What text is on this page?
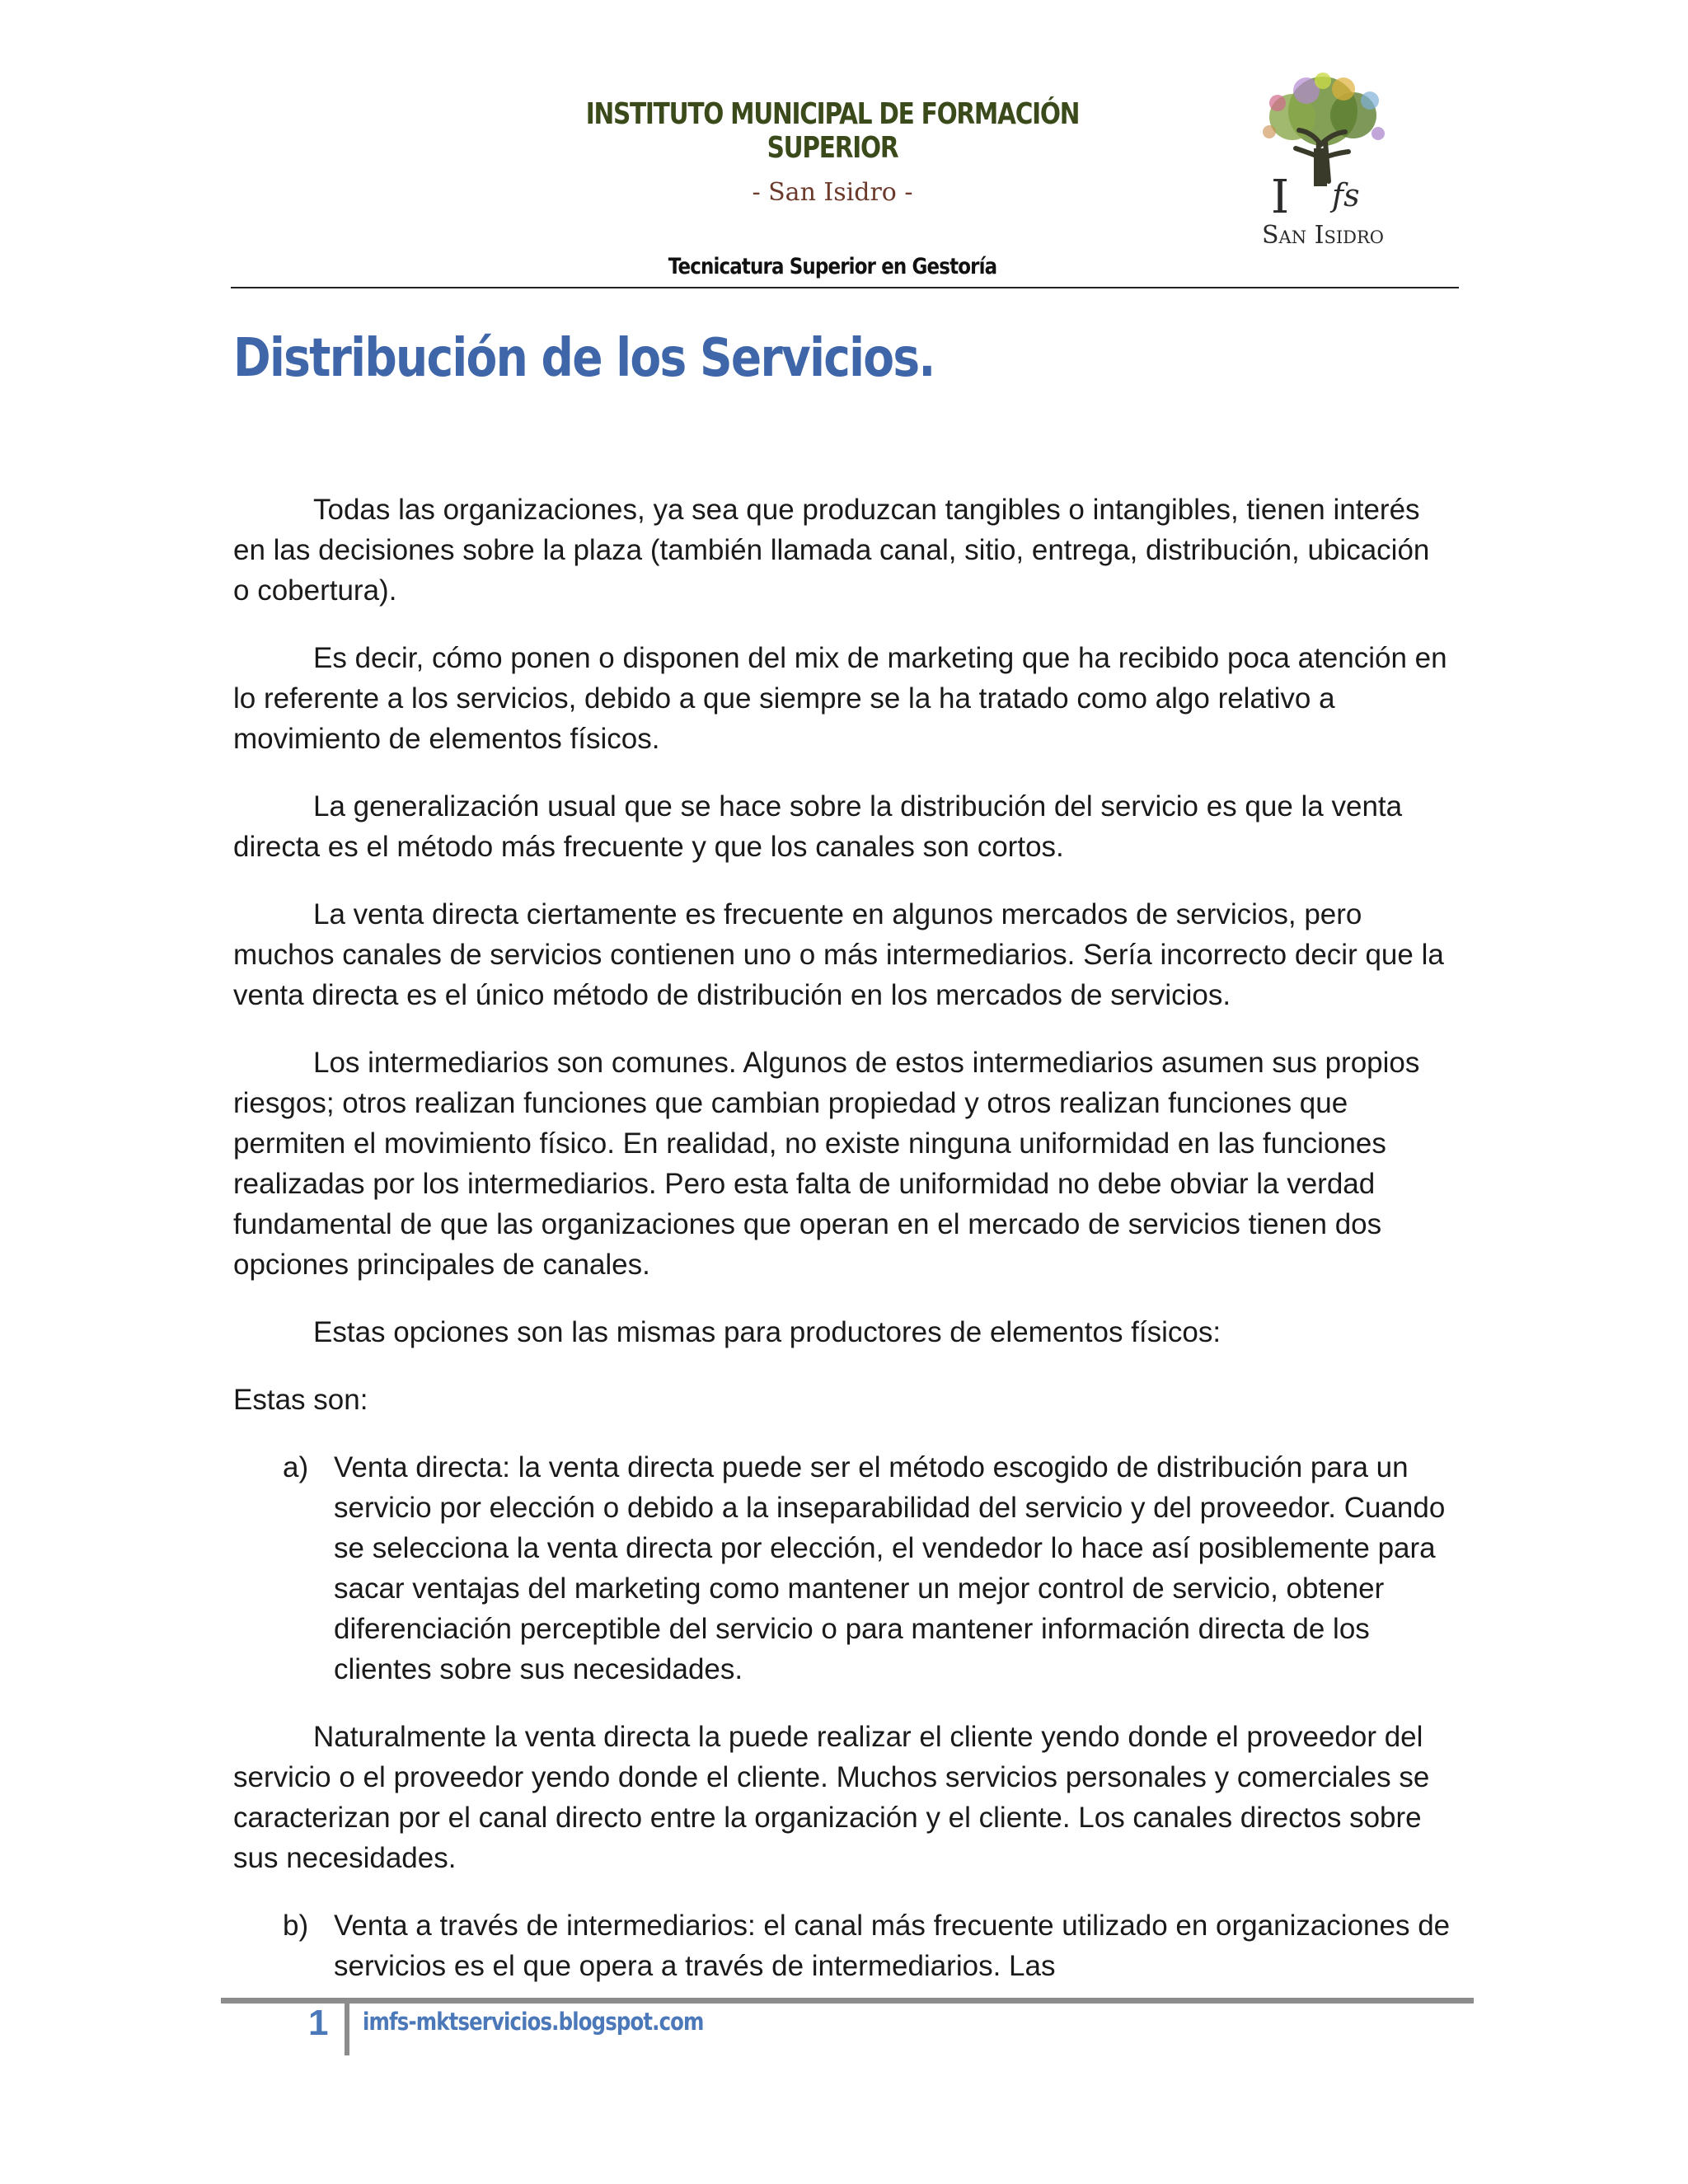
INSTITUTO MUNICIPAL DE FORMACIÓN SUPERIOR
- San Isidro -
Tecnicatura Superior en Gestoría
I fs
San Isidro
Distribución de los Servicios.

Todas las organizaciones, ya sea que produzcan tangibles o intangibles, tienen interés en las decisiones sobre la plaza (también llamada canal, sitio, entrega, distribución, ubicación o cobertura).

Es decir, cómo ponen o disponen del mix de marketing que ha recibido poca atención en lo referente a los servicios, debido a que siempre se la ha tratado como algo relativo a movimiento de elementos físicos.

La generalización usual que se hace sobre la distribución del servicio es que la venta directa es el método más frecuente y que los canales son cortos.

La venta directa ciertamente es frecuente en algunos mercados de servicios, pero muchos canales de servicios contienen uno o más intermediarios. Sería incorrecto decir que la venta directa es el único método de distribución en los mercados de servicios.

Los intermediarios son comunes. Algunos de estos intermediarios asumen sus propios riesgos; otros realizan funciones que cambian propiedad y otros realizan funciones que permiten el movimiento físico. En realidad, no existe ninguna uniformidad en las funciones realizadas por los intermediarios. Pero esta falta de uniformidad no debe obviar la verdad fundamental de que las organizaciones que operan en el mercado de servicios tienen dos opciones principales de canales.

Estas opciones son las mismas para productores de elementos físicos:

Estas son:

a) Venta directa: la venta directa puede ser el método escogido de distribución para un servicio por elección o debido a la inseparabilidad del servicio y del proveedor. Cuando se selecciona la venta directa por elección, el vendedor lo hace así posiblemente para sacar ventajas del marketing como mantener un mejor control de servicio, obtener diferenciación perceptible del servicio o para mantener información directa de los clientes sobre sus necesidades.

Naturalmente la venta directa la puede realizar el cliente yendo donde el proveedor del servicio o el proveedor yendo donde el cliente. Muchos servicios personales y comerciales se caracterizan por el canal directo entre la organización y el cliente. Los canales directos sobre sus necesidades.

b) Venta a través de intermediarios: el canal más frecuente utilizado en organizaciones de servicios es el que opera a través de intermediarios. Las
1 imfs-mktservicios.blogspot.com
